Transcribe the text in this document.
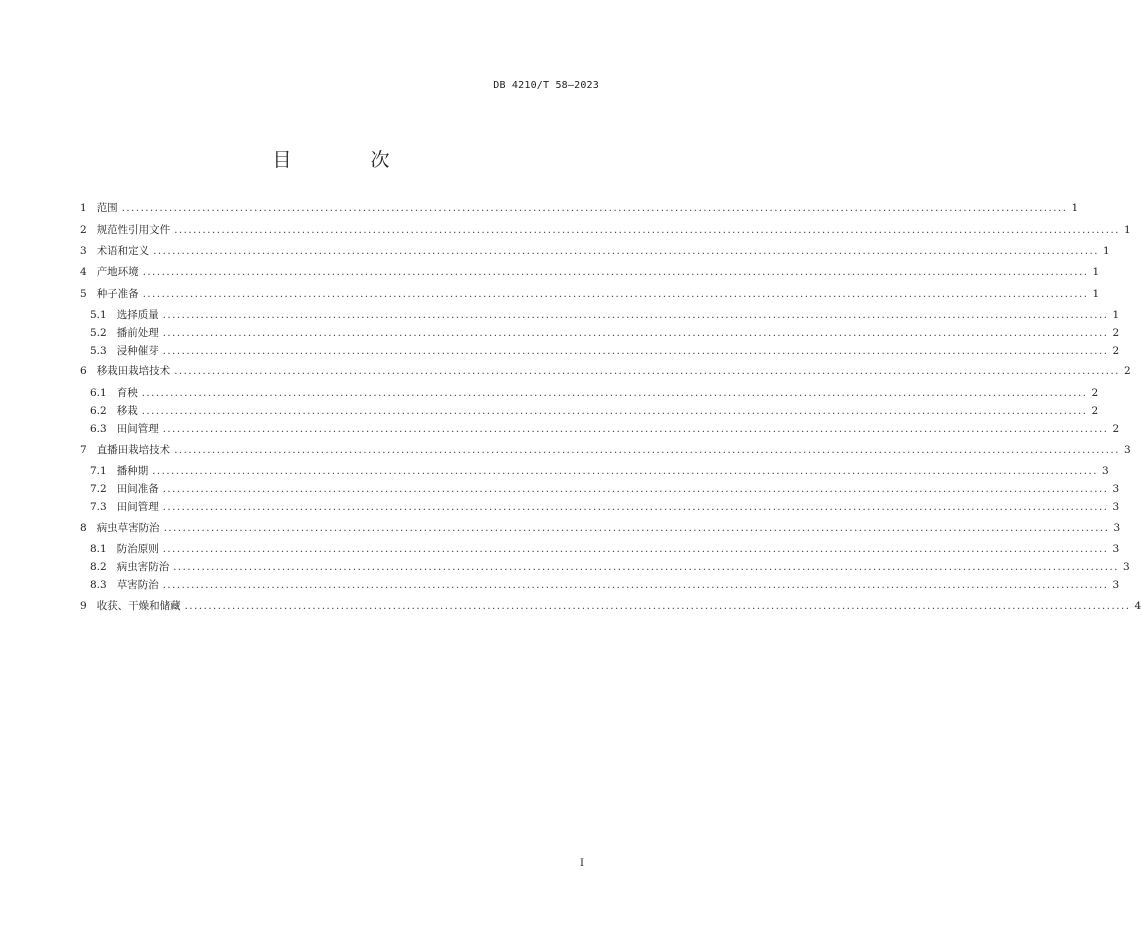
DB 4210/T 58—2023
目　次
1 范围 ........................................................................................................................................................................................................ 1
2 规范性引用文件 ........................................................................................................................................................................................................ 1
3 术语和定义 ........................................................................................................................................................................................................ 1
4 产地环境 ........................................................................................................................................................................................................ 1
5 种子准备 ........................................................................................................................................................................................................ 1
5.1 选择质量 ........................................................................................................................................................................................................ 1
5.2 播前处理 ........................................................................................................................................................................................................ 2
5.3 浸种催芽 ........................................................................................................................................................................................................ 2
6 移栽田栽培技术 ........................................................................................................................................................................................................ 2
6.1 育秧 ........................................................................................................................................................................................................ 2
6.2 移栽 ........................................................................................................................................................................................................ 2
6.3 田间管理 ........................................................................................................................................................................................................ 2
7 直播田栽培技术 ........................................................................................................................................................................................................ 3
7.1 播种期 ........................................................................................................................................................................................................ 3
7.2 田间准备 ........................................................................................................................................................................................................ 3
7.3 田间管理 ........................................................................................................................................................................................................ 3
8 病虫草害防治 ........................................................................................................................................................................................................ 3
8.1 防治原则 ........................................................................................................................................................................................................ 3
8.2 病虫害防治 ........................................................................................................................................................................................................ 3
8.3 草害防治 ........................................................................................................................................................................................................ 3
9 收获、干燥和储藏 ........................................................................................................................................................................................................ 4
I
